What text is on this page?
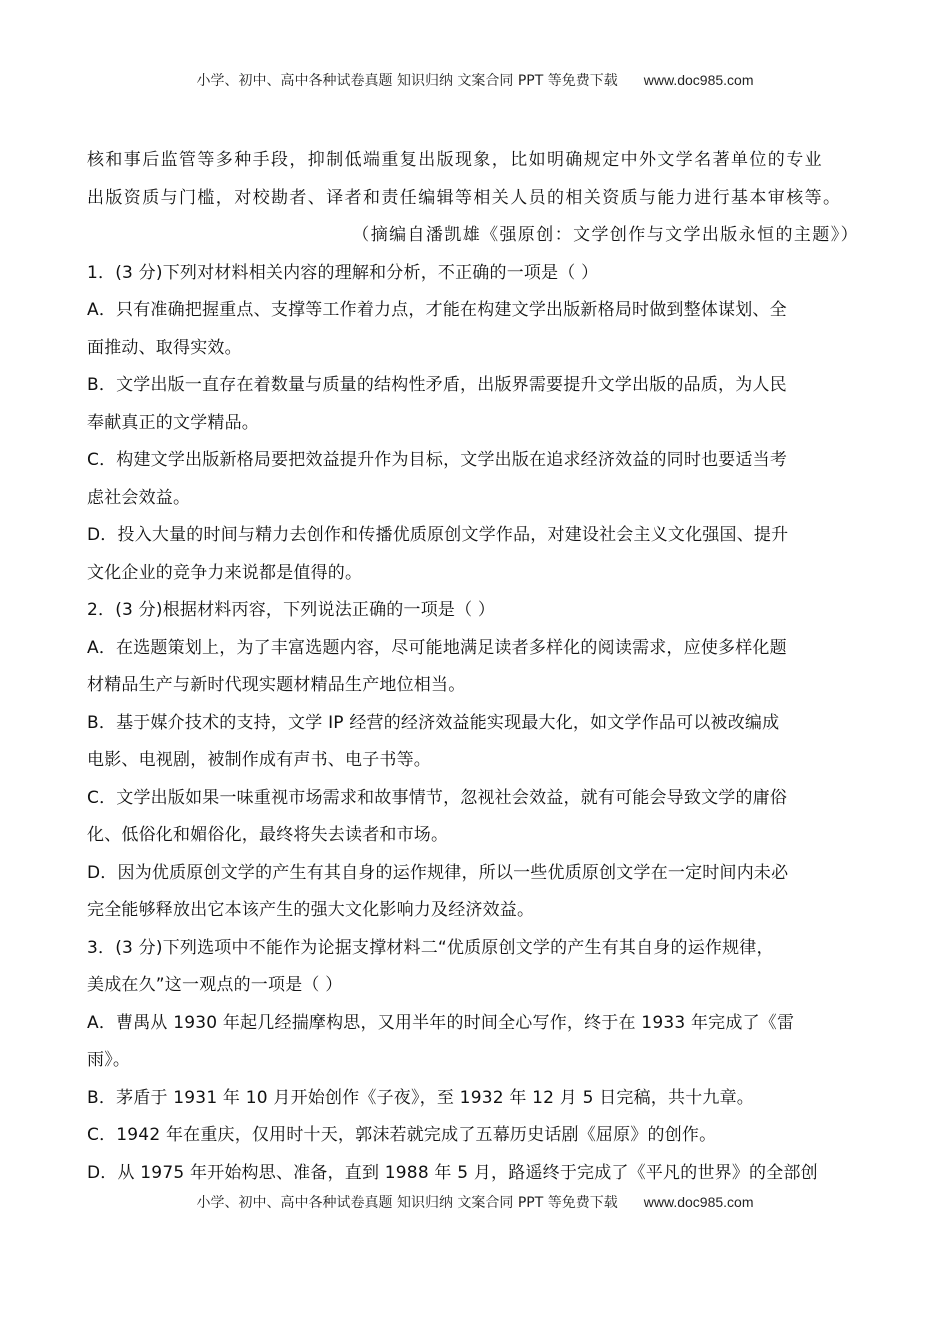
小学、初中、高中各种试卷真题 知识归纳 文案合同 PPT 等免费下载 www.doc985.com
核和事后监管等多种手段，抑制低端重复出版现象，比如明确规定中外文学名著单位的专业
出版资质与门槛，对校勘者、译者和责任编辑等相关人员的相关资质与能力进行基本审核等。
（摘编自潘凯雄《强原创：文学创作与文学出版永恒的主题》）
1．(3 分)下列对材料相关内容的理解和分析，不正确的一项是（ ）
A．只有准确把握重点、支撑等工作着力点，才能在构建文学出版新格局时做到整体谋划、全
面推动、取得实效。
B．文学出版一直存在着数量与质量的结构性矛盾，出版界需要提升文学出版的品质，为人民
奉献真正的文学精品。
C．构建文学出版新格局要把效益提升作为目标，文学出版在追求经济效益的同时也要适当考
虑社会效益。
D．投入大量的时间与精力去创作和传播优质原创文学作品，对建设社会主义文化强国、提升
文化企业的竞争力来说都是值得的。
2．(3 分)根据材料丙容，下列说法正确的一项是（ ）
A．在选题策划上，为了丰富选题内容，尽可能地满足读者多样化的阅读需求，应使多样化题
材精品生产与新时代现实题材精品生产地位相当。
B．基于媒介技术的支持，文学 IP 经营的经济效益能实现最大化，如文学作品可以被改编成
电影、电视剧，被制作成有声书、电子书等。
C．文学出版如果一味重视市场需求和故事情节，忽视社会效益，就有可能会导致文学的庸俗
化、低俗化和媚俗化，最终将失去读者和市场。
D．因为优质原创文学的产生有其自身的运作规律，所以一些优质原创文学在一定时间内未必
完全能够释放出它本该产生的强大文化影响力及经济效益。
3．(3 分)下列选项中不能作为论据支撑材料二“优质原创文学的产生有其自身的运作规律，
美成在久”这一观点的一项是（ ）
A．曹禺从 1930 年起几经揣摩构思，又用半年的时间全心写作，终于在 1933 年完成了《雷
雨》。
B．茅盾于 1931 年 10 月开始创作《子夜》，至 1932 年 12 月 5 日完稿，共十九章。
C．1942 年在重庆，仅用时十天，郭沫若就完成了五幕历史话剧《屈原》的创作。
D．从 1975 年开始构思、准备，直到 1988 年 5 月，路遥终于完成了《平凡的世界》的全部创
小学、初中、高中各种试卷真题 知识归纳 文案合同 PPT 等免费下载 www.doc985.com
